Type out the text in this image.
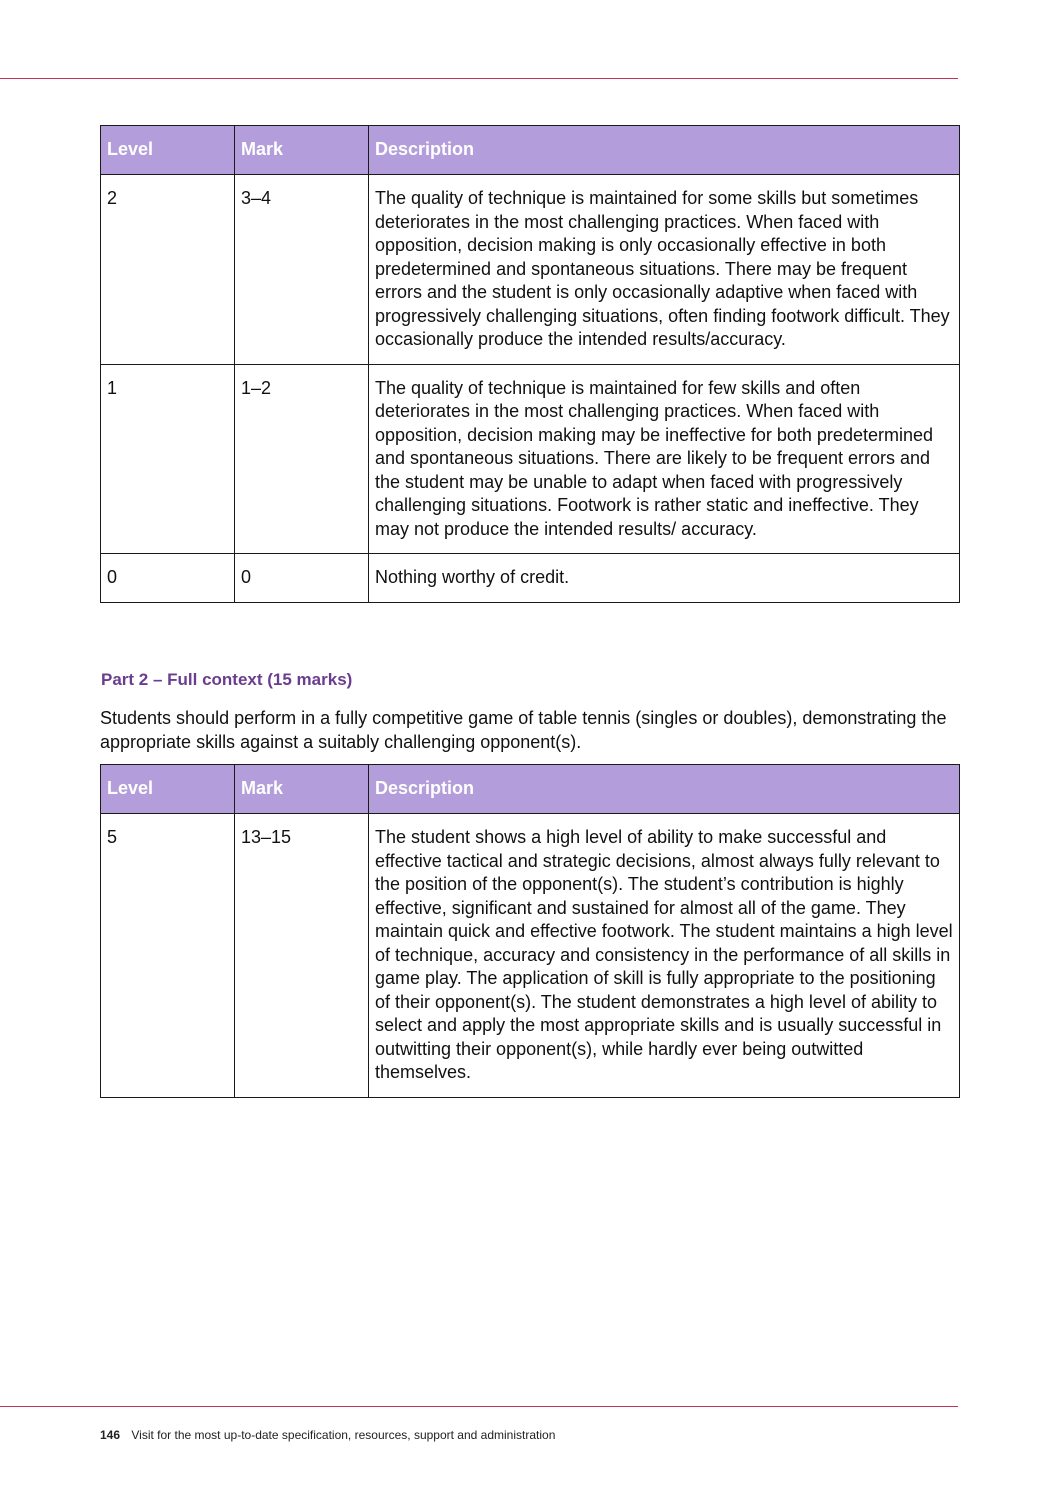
Level	Mark	Description
2	3–4	The quality of technique is maintained for some skills but sometimes deteriorates in the most challenging practices. When faced with opposition, decision making is only occasionally effective in both predetermined and spontaneous situations. There may be frequent errors and the student is only occasionally adaptive when faced with progressively challenging situations, often finding footwork difficult. They occasionally produce the intended results/accuracy.
1	1–2	The quality of technique is maintained for few skills and often deteriorates in the most challenging practices. When faced with opposition, decision making may be ineffective for both predetermined and spontaneous situations. There are likely to be frequent errors and the student may be unable to adapt when faced with progressively challenging situations. Footwork is rather static and ineffective. They may not produce the intended results/ accuracy.
0	0	Nothing worthy of credit.
Part 2 – Full context (15 marks)
Students should perform in a fully competitive game of table tennis (singles or doubles), demonstrating the appropriate skills against a suitably challenging opponent(s).
Level	Mark	Description
5	13–15	The student shows a high level of ability to make successful and effective tactical and strategic decisions, almost always fully relevant to the position of the opponent(s). The student’s contribution is highly effective, significant and sustained for almost all of the game. They maintain quick and effective footwork. The student maintains a high level of technique, accuracy and consistency in the performance of all skills in game play. The application of skill is fully appropriate to the positioning of their opponent(s). The student demonstrates a high level of ability to select and apply the most appropriate skills and is usually successful in outwitting their opponent(s), while hardly ever being outwitted themselves.
146 Visit for the most up-to-date specification, resources, support and administration
